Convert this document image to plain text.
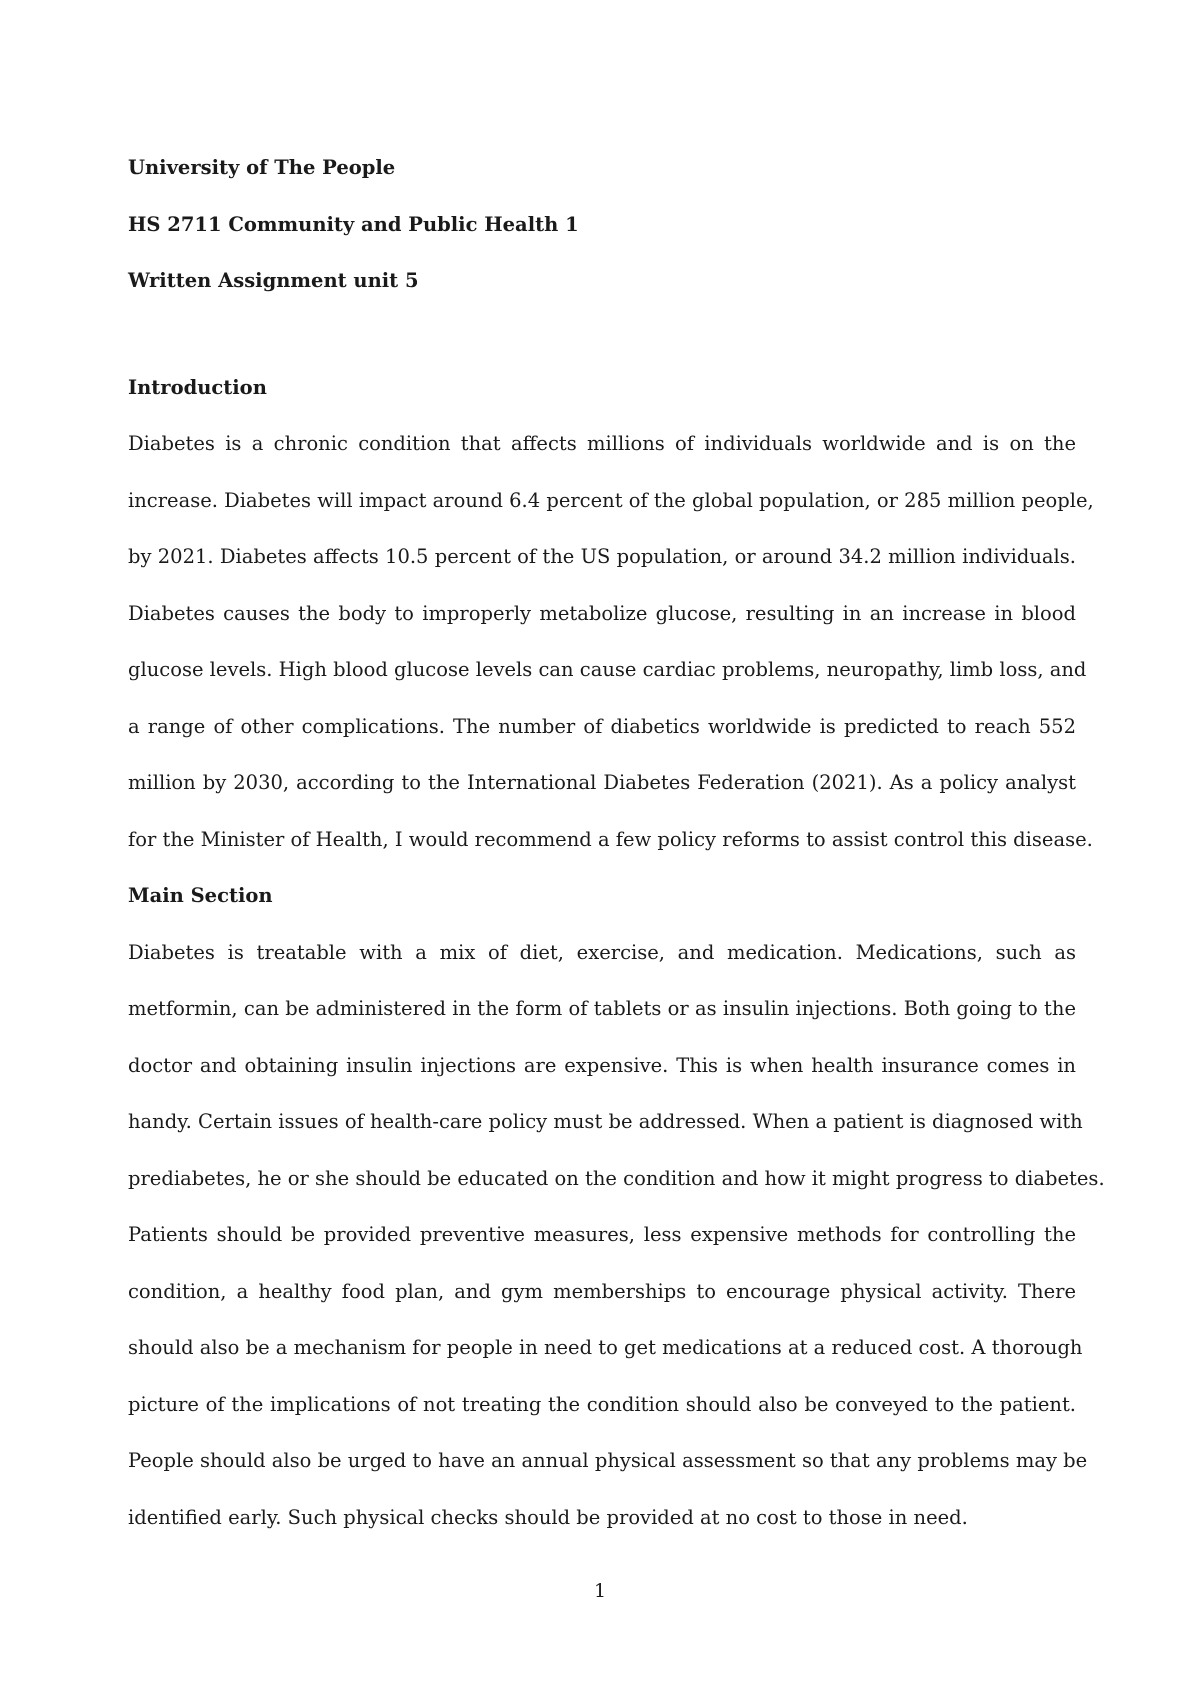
University of The People
HS 2711 Community and Public Health 1
Written Assignment unit 5
Introduction
Diabetes is a chronic condition that affects millions of individuals worldwide and is on the
increase. Diabetes will impact around 6.4 percent of the global population, or 285 million people,
by 2021. Diabetes affects 10.5 percent of the US population, or around 34.2 million individuals.
Diabetes causes the body to improperly metabolize glucose, resulting in an increase in blood
glucose levels. High blood glucose levels can cause cardiac problems, neuropathy, limb loss, and
a range of other complications. The number of diabetics worldwide is predicted to reach 552
million by 2030, according to the International Diabetes Federation (2021). As a policy analyst
for the Minister of Health, I would recommend a few policy reforms to assist control this disease.
Main Section
Diabetes is treatable with a mix of diet, exercise, and medication. Medications, such as
metformin, can be administered in the form of tablets or as insulin injections. Both going to the
doctor and obtaining insulin injections are expensive. This is when health insurance comes in
handy. Certain issues of health-care policy must be addressed. When a patient is diagnosed with
prediabetes, he or she should be educated on the condition and how it might progress to diabetes.
Patients should be provided preventive measures, less expensive methods for controlling the
condition, a healthy food plan, and gym memberships to encourage physical activity. There
should also be a mechanism for people in need to get medications at a reduced cost. A thorough
picture of the implications of not treating the condition should also be conveyed to the patient.
People should also be urged to have an annual physical assessment so that any problems may be
identified early. Such physical checks should be provided at no cost to those in need.
1
